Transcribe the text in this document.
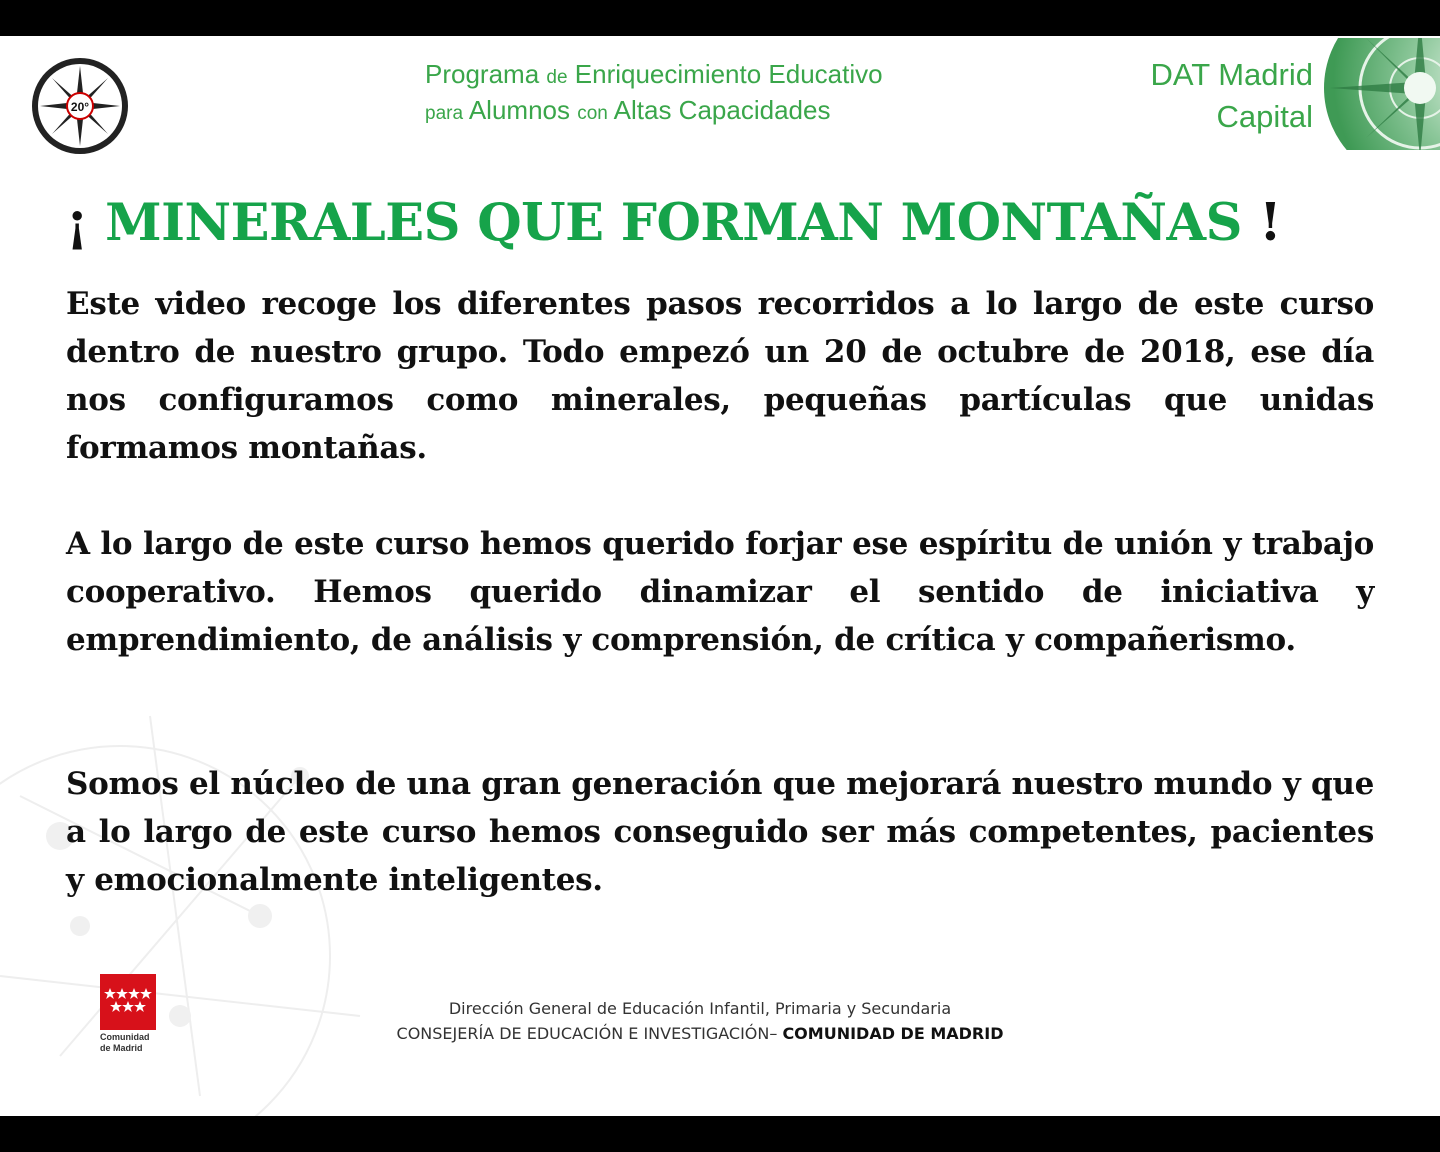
20°
Programa de Enriquecimiento Educativo
para Alumnos con Altas Capacidades
DAT Madrid
Capital
¡ MINERALES QUE FORMAN MONTAÑAS !

Este video recoge los diferentes pasos recorridos a lo largo de este curso dentro de nuestro grupo. Todo empezó un 20 de octubre de 2018, ese día nos configuramos como minerales, pequeñas partículas que unidas formamos montañas.

A lo largo de este curso hemos querido forjar ese espíritu de unión y trabajo cooperativo. Hemos querido dinamizar el sentido de iniciativa y emprendimiento, de análisis y comprensión, de crítica y compañerismo.

Somos el núcleo de una gran generación que mejorará nuestro mundo y que a lo largo de este curso hemos conseguido ser más competentes, pacientes y emocionalmente inteligentes.

Comunidad
de Madrid
Dirección General de Educación Infantil, Primaria y Secundaria
CONSEJERÍA DE EDUCACIÓN E INVESTIGACIÓN– COMUNIDAD DE MADRID
